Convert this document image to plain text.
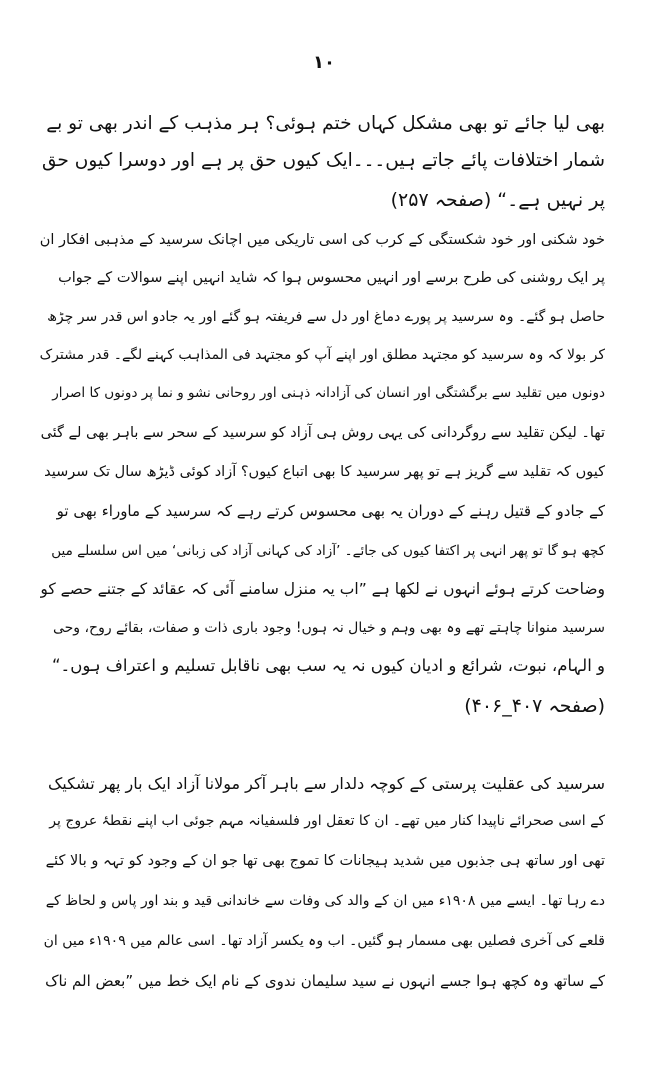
۱۰
بھی لیا جائے تو بھی مشکل کہاں ختم ہوئی؟ ہر مذہب کے اندر بھی تو بے
شمار اختلافات پائے جاتے ہیں۔۔۔ایک کیوں حق پر ہے اور دوسرا کیوں حق
پر نہیں ہے۔“ (صفحہ ۲۵۷)
خود شکنی اور خود شکستگی کے کرب کی اسی تاریکی میں اچانک سرسید کے مذہبی افکار ان
پر ایک روشنی کی طرح برسے اور انہیں محسوس ہوا کہ شاید انہیں اپنے سوالات کے جواب
حاصل ہو گئے۔ وہ سرسید پر پورے دماغ اور دل سے فریفتہ ہو گئے اور یہ جادو اس قدر سر چڑھ
کر بولا کہ وہ سرسید کو مجتہد مطلق اور اپنے آپ کو مجتہد فی المذاہب کہنے لگے۔ قدر مشترک
دونوں میں تقلید سے برگشتگی اور انسان کی آزادانہ ذہنی اور روحانی نشو و نما پر دونوں کا اصرار
تھا۔ لیکن تقلید سے روگردانی کی یہی روش ہی آزاد کو سرسید کے سحر سے باہر بھی لے گئی
کیوں کہ تقلید سے گریز ہے تو پھر سرسید کا بھی اتباع کیوں؟ آزاد کوئی ڈیڑھ سال تک سرسید
کے جادو کے قتیل رہنے کے دوران یہ بھی محسوس کرتے رہے کہ سرسید کے ماوراء بھی تو
کچھ ہو گا تو پھر انہی پر اکتفا کیوں کی جائے۔ ’آزاد کی کہانی آزاد کی زبانی‘ میں اس سلسلے میں
وضاحت کرتے ہوئے انہوں نے لکھا ہے ”اب یہ منزل سامنے آئی کہ عقائد کے جتنے حصے کو
سرسید منوانا چاہتے تھے وہ بھی وہم و خیال نہ ہوں! وجود باری ذات و صفات، بقائے روح، وحی
و الہام، نبوت، شرائع و ادیان کیوں نہ یہ سب بھی ناقابل تسلیم و اعتراف ہوں۔“
(صفحہ ۴۰۷_۴۰۶)
سرسید کی عقلیت پرستی کے کوچہ دلدار سے باہر آکر مولانا آزاد ایک بار پھر تشکیک
کے اسی صحرائے ناپیدا کنار میں تھے۔ ان کا تعقل اور فلسفیانہ مہم جوئی اب اپنے نقطۂ عروج پر
تھی اور ساتھ ہی جذبوں میں شدید ہیجانات کا تموج بھی تھا جو ان کے وجود کو تہہ و بالا کئے
دے رہا تھا۔ ایسے میں ۱۹۰۸ء میں ان کے والد کی وفات سے خاندانی قید و بند اور پاس و لحاظ کے
قلعے کی آخری فصلیں بھی مسمار ہو گئیں۔ اب وہ یکسر آزاد تھا۔ اسی عالم میں ۱۹۰۹ء میں ان
کے ساتھ وہ کچھ ہوا جسے انہوں نے سید سلیمان ندوی کے نام ایک خط میں ”بعض الم ناک
